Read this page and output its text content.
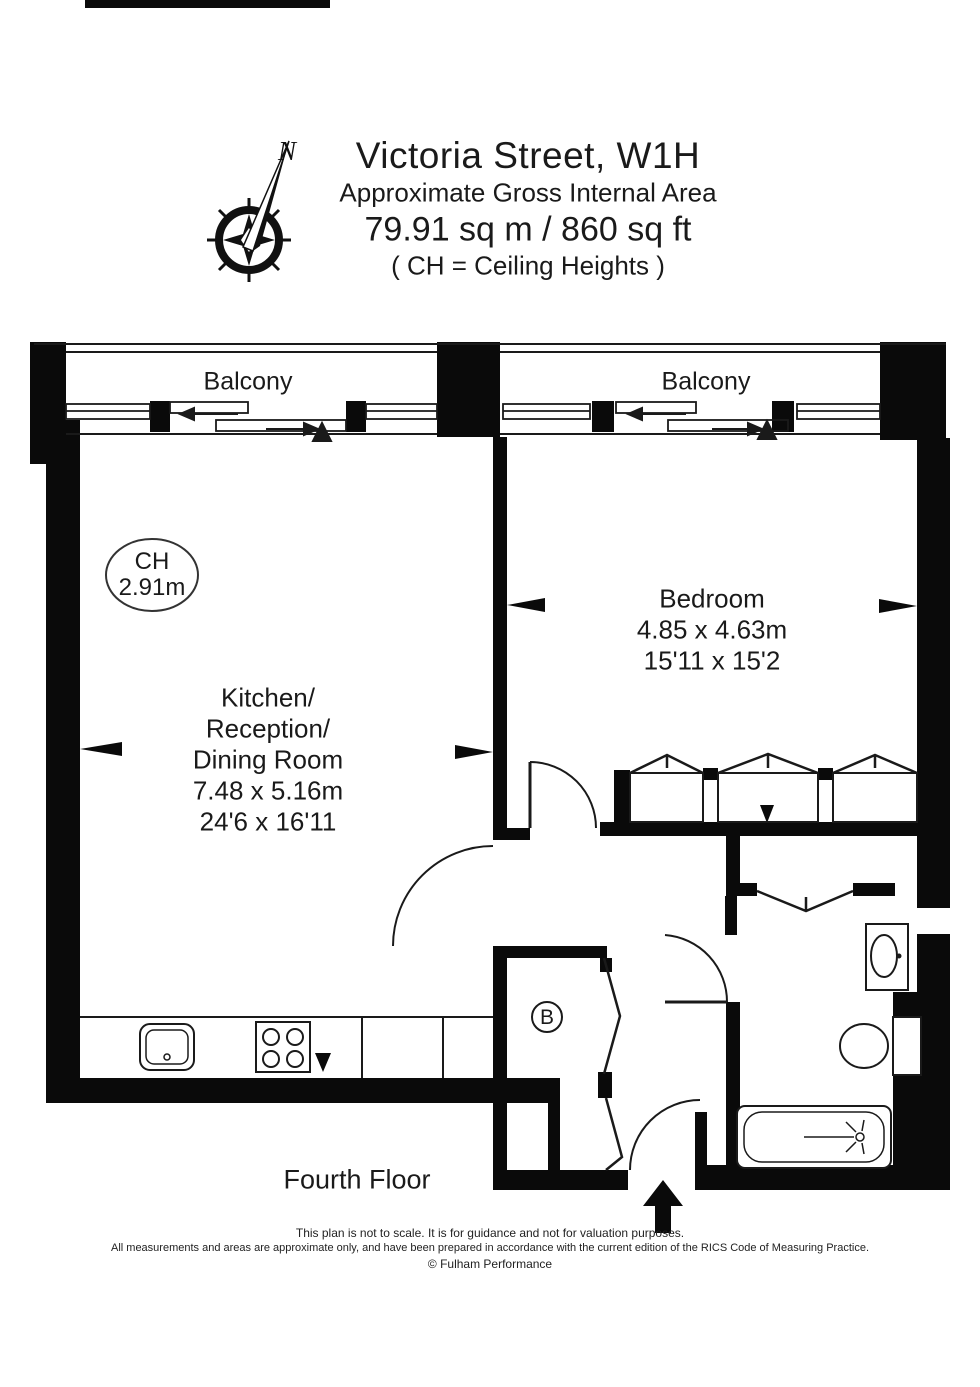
N Victoria Street, W1H
Approximate Gross Internal Area
79.91 sq m / 860 sq ft
( CH = Ceiling Heights )
Balcony	Balcony
CH
2.91m	Bedroom
4.85 x 4.63m
15'11 x 15'2
Kitchen/
Reception/
Dining Room
7.48 x 5.16m
24'6 x 16'11
B
Fourth Floor
This plan is not to scale. It is for guidance and not for valuation purposes.
All measurements and areas are approximate only, and have been prepared in accordance with the current edition of the RICS Code of Measuring Practice.
© Fulham Performance
